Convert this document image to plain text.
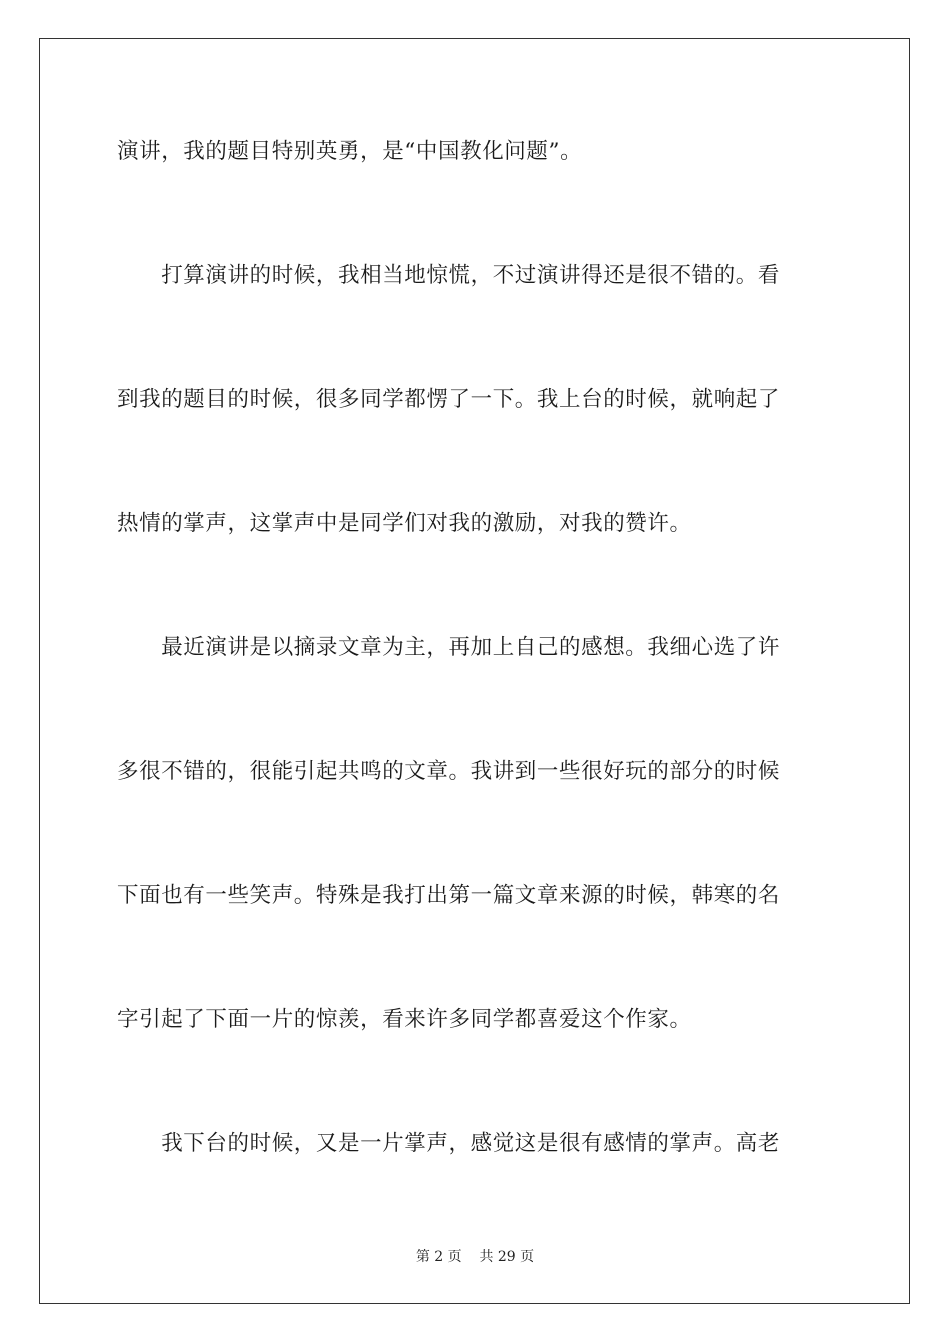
演讲，我的题目特别英勇，是“中国教化问题”。
　　打算演讲的时候，我相当地惊慌，不过演讲得还是很不错的。看
到我的题目的时候，很多同学都愣了一下。我上台的时候，就响起了
热情的掌声，这掌声中是同学们对我的激励，对我的赞许。
　　最近演讲是以摘录文章为主，再加上自己的感想。我细心选了许
多很不错的，很能引起共鸣的文章。我讲到一些很好玩的部分的时候
下面也有一些笑声。特殊是我打出第一篇文章来源的时候，韩寒的名
字引起了下面一片的惊羡，看来许多同学都喜爱这个作家。
　　我下台的时候，又是一片掌声，感觉这是很有感情的掌声。高老
第 2 页 共 29 页
